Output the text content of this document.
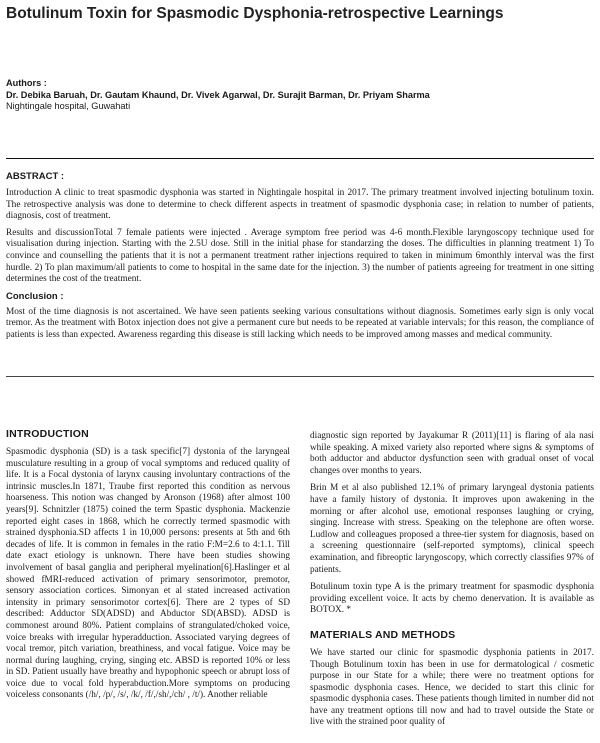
Botulinum Toxin for Spasmodic Dysphonia-retrospective Learnings
Authors :
Dr. Debika Baruah, Dr. Gautam Khaund, Dr. Vivek Agarwal, Dr. Surajit Barman, Dr. Priyam Sharma
Nightingale hospital, Guwahati
ABSTRACT :

Introduction A clinic to treat spasmodic dysphonia was started in Nightingale hospital in 2017. The primary treatment involved injecting botulinum toxin. The retrospective analysis was done to determine to check different aspects in treatment of spasmodic dysphonia case; in relation to number of patients, diagnosis, cost of treatment.

Results and discussionTotal 7 female patients were injected . Average symptom free period was 4-6 month.Flexible laryngoscopy technique used for visualisation during injection. Starting with the 2.5U dose. Still in the initial phase for standarzing the doses. The difficulties in planning treatment 1) To convince and counselling the patients that it is not a permanent treatment rather injections required to taken in minimum 6monthly interval was the first hurdle. 2) To plan maximum/all patients to come to hospital in the same date for the injection. 3) the number of patients agreeing for treatment in one sitting determines the cost of the treatment.

Conclusion :

Most of the time diagnosis is not ascertained. We have seen patients seeking various consultations without diagnosis. Sometimes early sign is only vocal tremor. As the treatment with Botox injection does not give a permanent cure but needs to be repeated at variable intervals; for this reason, the compliance of patients is less than expected. Awareness regarding this disease is still lacking which needs to be improved among masses and medical community.

INTRODUCTION

Spasmodic dysphonia (SD) is a task specific[7] dystonia of the laryngeal musculature resulting in a group of vocal symptoms and reduced quality of life. It is a Focal dystonia of larynx causing involuntary contractions of the intrinsic muscles.In 1871, Traube first reported this condition as nervous hoarseness. This notion was changed by Aronson (1968) after almost 100 years[9]. Schnitzler (1875) coined the term Spastic dysphonia. Mackenzie reported eight cases in 1868, which he correctly termed spasmodic with strained dysphonia.SD affects 1 in 10,000 persons: presents at 5th and 6th decades of life. It is common in females in the ratio F:M=2.6 to 4:1.1. Till date exact etiology is unknown. There have been studies showing involvement of basal ganglia and peripheral myelination[6].Haslinger et al showed fMRI-reduced activation of primary sensorimotor, premotor, sensory association cortices. Simonyan et al stated increased activation intensity in primary sensorimotor cortex[6]. There are 2 types of SD described: Adductor SD(ADSD) and Abductor SD(ABSD). ADSD is commonest around 80%. Patient complains of strangulated/choked voice, voice breaks with irregular hyperadduction. Associated varying degrees of vocal tremor, pitch variation, breathiness, and vocal fatigue. Voice may be normal during laughing, crying, singing etc. ABSD is reported 10% or less in SD. Patient usually have breathy and hypophonic speech or abrupt loss of voice due to vocal fold hyperabduction.More symptoms on producing voiceless consonants (/h/, /p/, /s/, /k/, /f/,/sh/,/ch/ , /t/). Another reliable

diagnostic sign reported by Jayakumar R (2011)[11] is flaring of ala nasi while speaking. A mixed variety also reported where signs & symptoms of both adductor and abductor dysfunction seen with gradual onset of vocal changes over months to years.

Brin M et al also published 12.1% of primary laryngeal dystonia patients have a family history of dystonia. It improves upon awakening in the morning or after alcohol use, emotional responses laughing or crying, singing. Increase with stress. Speaking on the telephone are often worse. Ludlow and colleagues proposed a three-tier system for diagnosis, based on a screening questionnaire (self-reported symptoms), clinical speech examination, and fibreoptic laryngoscopy, which correctly classifies 97% of patients.

Botulinum toxin type A is the primary treatment for spasmodic dysphonia providing excellent voice. It acts by chemo denervation. It is available as BOTOX. *

MATERIALS AND METHODS

We have started our clinic for spasmodic dysphonia patients in 2017. Though Botulinum toxin has been in use for dermatological / cosmetic purpose in our State for a while; there were no treatment options for spasmodic dysphonia cases. Hence, we decided to start this clinic for spasmodic dysphonia cases. These patients though limited in number did not have any treatment options till now and had to travel outside the State or live with the strained poor quality of
